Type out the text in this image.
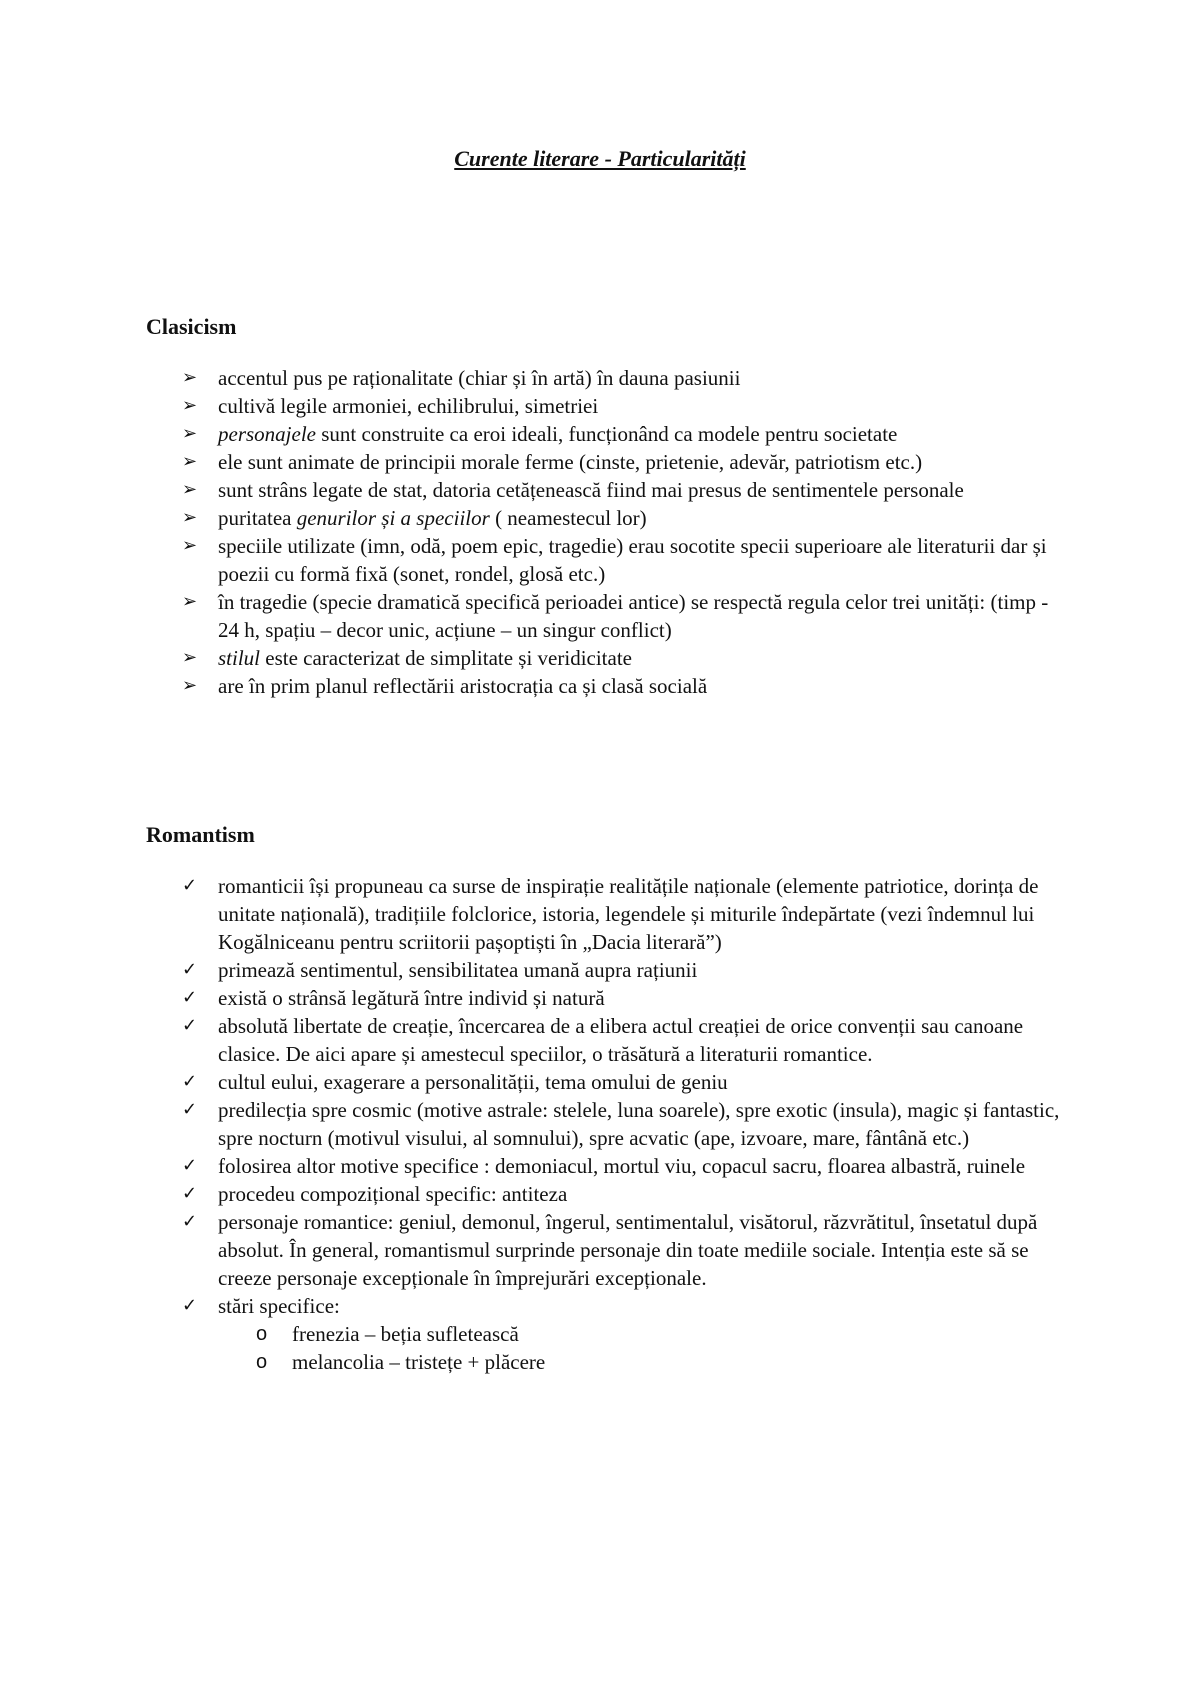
Curente literare - Particularități
Clasicism
➢ accentul pus pe raționalitate (chiar și în artă) în dauna pasiunii
➢ cultivă legile armoniei, echilibrului, simetriei
➢ personajele sunt construite ca eroi ideali, funcționând ca modele pentru societate
➢ ele sunt animate de principii morale ferme (cinste, prietenie, adevăr, patriotism etc.)
➢ sunt strâns legate de stat, datoria cetățenească fiind mai presus de sentimentele personale
➢ puritatea genurilor și a speciilor ( neamestecul lor)
➢ speciile utilizate (imn, odă, poem epic, tragedie) erau socotite specii superioare ale literaturii dar și poezii cu formă fixă (sonet, rondel, glosă etc.)
➢ în tragedie (specie dramatică specifică perioadei antice) se respectă regula celor trei unități: (timp - 24 h, spațiu – decor unic, acțiune – un singur conflict)
➢ stilul este caracterizat de simplitate și veridicitate
➢ are în prim planul reflectării aristocrația ca și clasă socială
Romantism
✓ romanticii își propuneau ca surse de inspirație realitățile naționale (elemente patriotice, dorința de unitate națională), tradițiile folclorice, istoria, legendele și miturile îndepărtate (vezi îndemnul lui Kogălniceanu pentru scriitorii pașoptiști în „Dacia literară”)
✓ primează sentimentul, sensibilitatea umană aupra rațiunii
✓ există o strânsă legătură între individ și natură
✓ absolută libertate de creație, încercarea de a elibera actul creației de orice convenții sau canoane clasice. De aici apare și amestecul speciilor, o trăsătură a literaturii romantice.
✓ cultul eului, exagerare a personalității, tema omului de geniu
✓ predilecția spre cosmic (motive astrale: stelele, luna soarele), spre exotic (insula), magic și fantastic, spre nocturn (motivul visului, al somnului), spre acvatic (ape, izvoare, mare, fântână etc.)
✓ folosirea altor motive specifice : demoniacul, mortul viu, copacul sacru, floarea albastră, ruinele
✓ procedeu compozițional specific: antiteza
✓ personaje romantice: geniul, demonul, îngerul, sentimentalul, visătorul, răzvrătitul, însetatul după absolut. În general, romantismul surprinde personaje din toate mediile sociale. Intenția este să se creeze personaje excepționale în împrejurări excepționale.
✓ stări specifice:
o frenezia – beția sufletească
o melancolia – tristețe + plăcere
